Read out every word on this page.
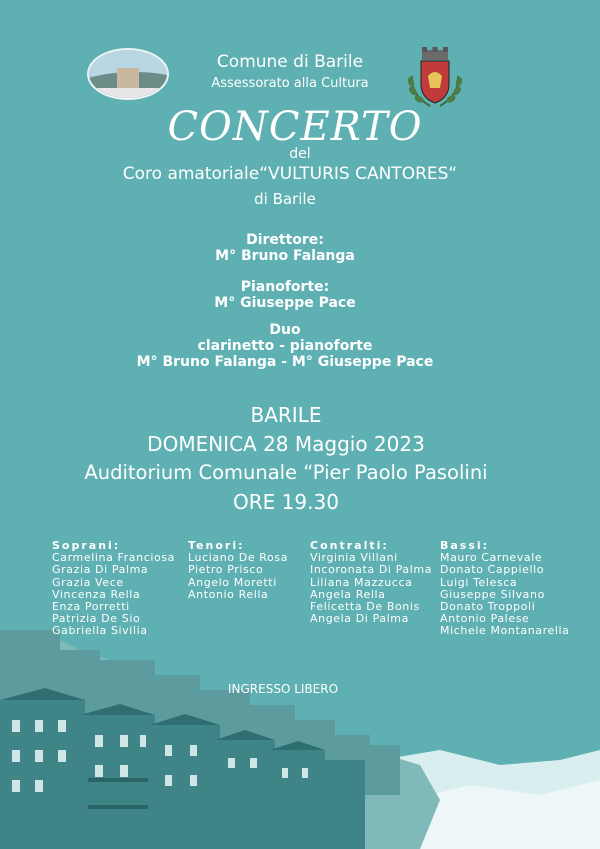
Comune di Barile
Assessorato alla Cultura
CONCERTO
del
Coro amatoriale“VULTURIS CANTORES“
di Barile
Direttore:
M° Bruno Falanga
Pianoforte:
M° Giuseppe Pace
Duo
clarinetto - pianoforte
M° Bruno Falanga - M° Giuseppe Pace
BARILE
DOMENICA 28 Maggio 2023
Auditorium Comunale “Pier Paolo Pasolini
ORE 19.30
Soprani:
Carmelina Franciosa
Grazia Di Palma
Grazia Vece
Vincenza Rella
Enza Porretti
Patrizia De Sio
Gabriella Sivilia
Tenori:
Luciano De Rosa
Pietro Prisco
Angelo Moretti
Antonio Rella
Contralti:
Virginia Villani
Incoronata Di Palma
Liliana Mazzucca
Angela Rella
Felicetta De Bonis
Angela Di Palma
Bassi:
Mauro Carnevale
Donato Cappiello
Luigi Telesca
Giuseppe Silvano
Donato Troppoli
Antonio Palese
Michele Montanarella
INGRESSO LIBERO
